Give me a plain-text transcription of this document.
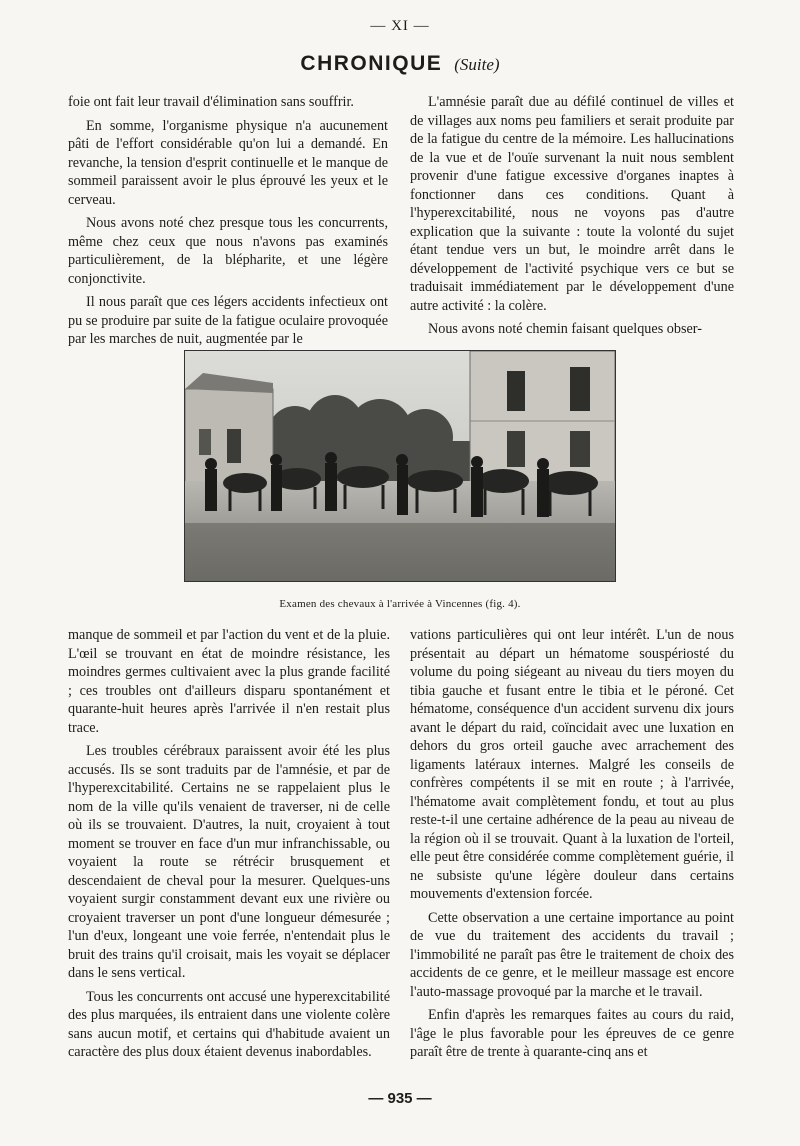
— XI —
CHRONIQUE (Suite)

foie ont fait leur travail d'élimination sans souffrir.

En somme, l'organisme physique n'a aucunement pâti de l'effort considérable qu'on lui a demandé. En revanche, la tension d'esprit continuelle et le manque de sommeil paraissent avoir le plus éprouvé les yeux et le cerveau.

Nous avons noté chez presque tous les concurrents, même chez ceux que nous n'avons pas examinés particulièrement, de la blépharite, et une légère conjonctivite.

Il nous paraît que ces légers accidents infectieux ont pu se produire par suite de la fatigue oculaire provoquée par les marches de nuit, augmentée par le

L'amnésie paraît due au défilé continuel de villes et de villages aux noms peu familiers et serait produite par de la fatigue du centre de la mémoire. Les hallucinations de la vue et de l'ouïe survenant la nuit nous semblent provenir d'une fatigue excessive d'organes inaptes à fonctionner dans ces conditions. Quant à l'hyperexcitabilité, nous ne voyons pas d'autre explication que la suivante : toute la volonté du sujet étant tendue vers un but, le moindre arrêt dans le développement de l'activité psychique vers ce but se traduisait immédiatement par le développement d'une autre activité : la colère.

Nous avons noté chemin faisant quelques obser-

Examen des chevaux à l'arrivée à Vincennes (fig. 4).

manque de sommeil et par l'action du vent et de la pluie. L'œil se trouvant en état de moindre résistance, les moindres germes cultivaient avec la plus grande facilité ; ces troubles ont d'ailleurs disparu spontanément et quarante-huit heures après l'arrivée il n'en restait plus trace.

Les troubles cérébraux paraissent avoir été les plus accusés. Ils se sont traduits par de l'amnésie, et par de l'hyperexcitabilité. Certains ne se rappelaient plus le nom de la ville qu'ils venaient de traverser, ni de celle où ils se trouvaient. D'autres, la nuit, croyaient à tout moment se trouver en face d'un mur infranchissable, ou voyaient la route se rétrécir brusquement et descendaient de cheval pour la mesurer. Quelques-uns voyaient surgir constamment devant eux une rivière ou croyaient traverser un pont d'une longueur démesurée ; l'un d'eux, longeant une voie ferrée, n'entendait plus le bruit des trains qu'il croisait, mais les voyait se déplacer dans le sens vertical.

Tous les concurrents ont accusé une hyperexcitabilité des plus marquées, ils entraient dans une violente colère sans aucun motif, et certains qui d'habitude avaient un caractère des plus doux étaient devenus inabordables.

vations particulières qui ont leur intérêt. L'un de nous présentait au départ un hématome souspériosté du volume du poing siégeant au niveau du tiers moyen du tibia gauche et fusant entre le tibia et le péroné. Cet hématome, conséquence d'un accident survenu dix jours avant le départ du raid, coïncidait avec une luxation en dehors du gros orteil gauche avec arrachement des ligaments latéraux internes. Malgré les conseils de confrères compétents il se mit en route ; à l'arrivée, l'hématome avait complètement fondu, et tout au plus reste-t-il une certaine adhérence de la peau au niveau de la région où il se trouvait. Quant à la luxation de l'orteil, elle peut être considérée comme complètement guérie, il ne subsiste qu'une légère douleur dans certains mouvements d'extension forcée.

Cette observation a une certaine importance au point de vue du traitement des accidents du travail ; l'immobilité ne paraît pas être le traitement de choix des accidents de ce genre, et le meilleur massage est encore l'auto-massage provoqué par la marche et le travail.

Enfin d'après les remarques faites au cours du raid, l'âge le plus favorable pour les épreuves de ce genre paraît être de trente à quarante-cinq ans et

— 935 —
